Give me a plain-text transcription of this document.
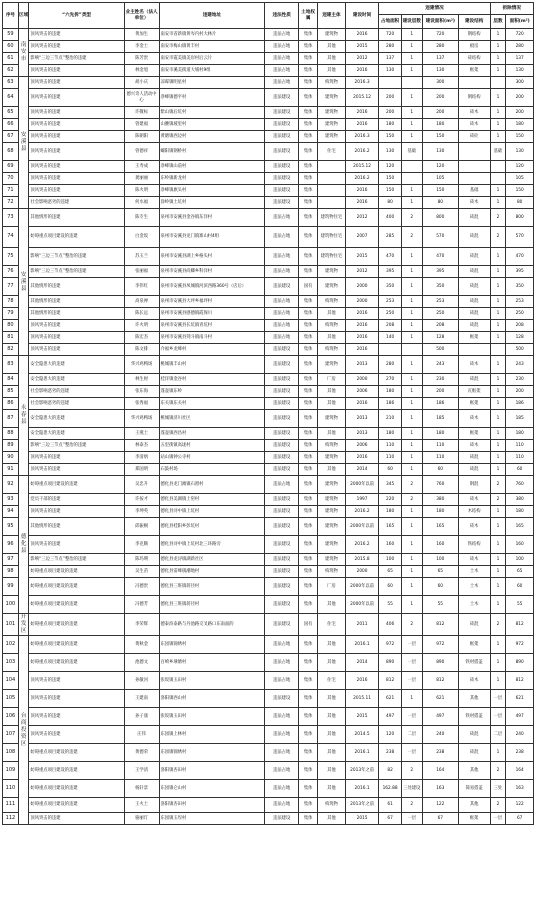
序号	区域	“六先拆”类型	业主姓名（法人单位）	违建地址	违法性质	土地权属	违建主体	建设时间	违建情况				拆除情况	
									占地面积	建设层数	建设面积(m²)	建设结构	层数	面积(m²)
59	南安市	顶风突击的违建	黄加生	南安市省新镇黄岑内村大林片	违法占地	集体	建筑物	2016	720	1	720	钢结构	1	720
60		顶风突击的违建	李金土	南安市梅山镇黄丰村	违法占地	集体	其他	2015	280	1	280	板房	1	280
61		影响“三边三节点”整治的违建	陈芳贵	南安市霞美镇美岸村后云片	违法占地	集体	其他	2012	137	1	137	砖结构	1	137
62		顶风突击的违建	林金旭	南安市溪美街道大埔村9组	违法占地	集体	其他	2016	130	1	130	框架	1	130
63	安溪县	顶风突击的违建	胡小庆	凉霉镇明星村	违法占地	集体	构筑物	2016.3			300			300
64		顶风突击的违建	德兴奇人活动中心	净峰镇德平村	违法建设	集体	建筑物	2015.12	200	1	200	钢结构	1	200
65		顶风突击的违建	许敬标	紫山镇后坑村	违法建设	集体	建筑物	2016	200	1	200	砖木	1	200
66		顶风突击的违建	曾建福	山腰镇坡里村	违法建设	集体	建筑物	2016	180	1	180	砖木	1	180
67		顶风突击的违建	陈朝阳	黄塘镇西边村	违法建设	集体	建筑物	2016.3	150	1	150	砖砼	1	150
68		顶风突击的违建	曾德祥	螺阳镇钢桥村	违法建设	集体	住宅	2016.2	130	基础	130		基础	130
69		顶风突击的违建	王寿成	净峰镇山前村	违法建设	集体		2015.12	120		120			120
70		顶风突击的违建	龚丽丽	东岭镇新龙村	违法建设	集体		2016.2	150		105			105
71		顶风突击的违建	陈火明	净峰镇旗头村	违法建设	集体		2016	150	1	150	基础	1	150
72		社会影响恶劣的违建	何水福	涂岭镇土坑村	违法建设	集体		2016	80	1	80	砖木	1	80
73	安溪县	其他情形的违建	陈专生	泉州市安溪县金谷镇东洋村	违法占地	集体	建筑物住宅	2012	400	2	800	砖混	2	800
74		妨碍重点项目建设的违建	白金坂	泉州市安溪县龙门镇寨山村4组	违法占地	集体	建筑物住宅	2007	285	2	570	砖混	2	570
75		影响“三边三节点”整治的违建	苏玉兰	泉州市安溪县湖上乡格头村	违法占地	集体	建筑物住宅	2015	470	1	470	砖混	1	470
76		影响“三边三节点”整治的违建	张丽福	泉州市安溪县尚卿乡科洋村	违法占地	集体	建筑物	2012	395	1	395	砖混	1	395
77		其他情形的违建	李伟红	泉州市安溪县凤城镇河滨西路360号（店后）	违法建设	国有	建筑物	2000	350	1	350	砖混	1	350
78		其他情形的违建	高泉禅	泉州市安溪县大坪乡福坪村	违法占地	集体	构筑物	2000	253	1	253	砖混	1	253
79		其他情形的违建	陈长远	泉州市安溪县感德镇霞保川	违法占地	集体	其他	2016	250	1	250	砖混	1	250
80		顶风突击的违建	许火明	泉州市安溪县长坑镇青坑村	违法占地	集体	构筑物	2016	208	1	208	砖混	1	208
81		顶风突击的违建	陈宏杰	泉州市安溪县剑斗镇南斗村	违法占地	集体	其他	2016	140	1	128	框架	1	128
82		顶风突击的违建	陈文排	介福乡龙峰村	违法建设	集体	构筑物	2016			500			500
83	永春县	安全隐患大的违建	华兴鸡鸭场	桃城镇丰山村	违法建设	集体	建筑物	2013	280	1	243	砖木	1	243
84		安全隐患大的违建	林生财	桂洋镇金谷村	违法建设	集体	厂房	2000	270	1	230	砖混	1	230
85		社会影响恶劣的违建	张东海	蓬壶镇东岭	违法建设	集体	其他	2006	180	1	200	瓦框架	1	200
86		社会影响恶劣的违建	张秀福	东关镇东关村	违法建设	集体	其他	2016	186	1	186	框架	1	186
87		安全隐患大的违建	华兴鸡鸭场	桃城镇济川社区	违法建设	集体	建筑物	2013	210	1	185	砖木	1	185
88		安全隐患大的违建	王燕土	蓬壶镇西昌村	违法建设	集体	其他	2013	180	1	180	框架	1	180
89		影响“三边三节点”整治的违建	林泰杰	五里街镇高垅村	违法建设	集体	构筑物	2006	110	1	110	砖木	1	110
90		顶风突击的违建	李清炳	站山镇钟公寺村	违法建设	集体	建筑物	2016	110	1	110	砖混	1	110
91		顶风突击的违建	郑国明	石鼓村场	违法建设	集体	其他	2014	60	1	60	砖混	1	60
92	德化县	妨碍重点项目建设的违建	吴忠升	德化县龙门滩镇石窗村	违法占地	集体	建筑物	2000年以前	345	2	760	钢混	2	760
93		党员干部的违建	许按才	德化县美湖镇上窑村	违法建设	集体	建筑物	1997	220	2	380	砖木	2	380
94		顶风突击的违建	李坤英	德化县浔中镇上坑村	违法建设	集体	建筑物	2016.2	180	1	180	木结构	1	180
95		其他情形的违建	邱振桐	德化县桂阳乡彭坑村	违法建设	集体	建筑物	2000年以前	165	1	165	砖木	1	165
96		顶风突击的违建	李克顺	德化县浔中镇上坑村北三环路旁	违法建设	集体	建筑物	2016.2	160	1	160	铁结构	1	160
97		影响“三边三节点”整治的违建	陈玛琍	德化县龙浔镇湖新社区	违法建设	集体	建筑物	2015.8	100	1	100	砖木	1	100
98		妨碍重点项目建设的违建	吴生苗	德化县雷峰镇潮地村	违法建设	集体	构筑物	2000	65	1	65	土木	1	65
99		妨碍重点项目建设的违建	冯德贵	德化县三班镇蒋径村	违法建设	集体	厂房	2000年以前	60	1	60	土木	1	60
100		妨碍重点项目建设的违建	冯德芳	德化县三班镇蒋径村	违法建设	集体	其他	2000年以前	55	1	55	土木	1	55
101	开发区	妨碍重点项目建设的违建	李荣辉	德泰滨泰路与丹池路交叉路口东南面的	违法建设	国有	住宅	2011	406	2	812	砖混	2	812
102	台商投资区	妨碍重点项目建设的违建	黄秋金	东园镇锦绣村	违法占地	集体	其他	2016.1	972	一层	972	框架	1	972
103		妨碍重点项目建设的违建	池德文	百崎乡埭塘村	违法占地	集体	其他	2014	890	一层	890	铁材搭盖	1	890
104		顶风突击的违建	孙敏河	张坂镇玉田村	违法占地	集体	住宅	2016	812	一层	812	砖木	1	812
105		顶风突击的违建	王建南	洛阳镇西山村	违法建设	集体	其他	2015.11	621	1	621	其他	一层	621
106		顶风突击的违建	孙子康	张坂镇玉田村	违法占地	集体	其他	2015	497	一层	497	铁材搭盖	一层	497
107		顶风突击的违建	庄伟	东园镇上林村	违法占地	集体	其他	2014.5	120	二层	240	砖混	二层	240
108		妨碍重点项目建设的违建	黄德荣	东园镇锦绣村	违法占地	集体	其他	2016.1	238	一层	238	砖混	1	238
109		妨碍重点项目建设的违建	王学清	洛阳镇杏田村	违法占地	集体	其他	2013年之前	82	2	164	其他	2	164
110		妨碍重点项目建设的违建	杨轩景	东园镇仑山村	违法占地	集体	其他	2016.1	162.88	三处建设	163	简易搭盖	三处	163
111		妨碍重点项目建设的违建	王火土	洛阳镇杏田村	违法占地	集体	构筑物	2013年之前	61	2	122	其他	2	122
112		顶风突击的违建	骆丽玎	东园镇玉埕村	违法建设	集体	其他	2015	67	一层	67	框架	一层	67
